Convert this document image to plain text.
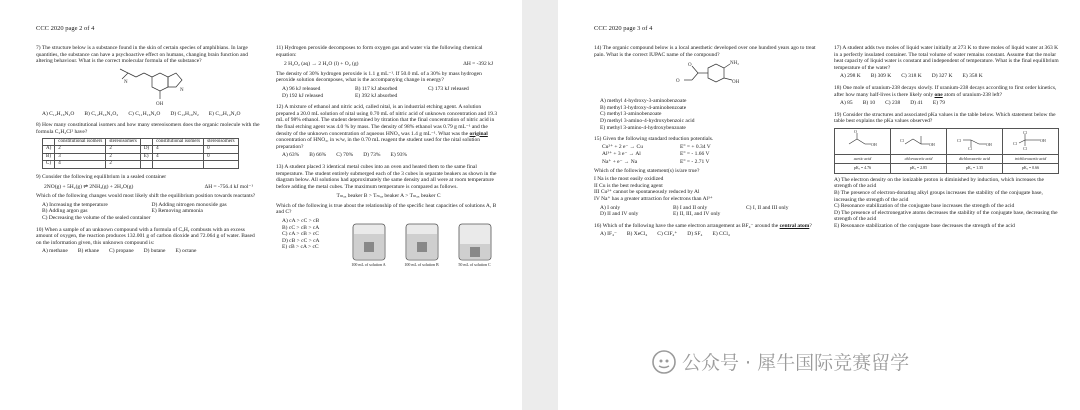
CCC 2020 page 2 of 4
7) The structure below is a substance found in the skin of certain species of amphibians. In large quantities, the substance can have a psychoactive effect on humans, changing brain function and altering behaviour. What is the correct molecular formula of the substance?
N
OH
N
A) C₁₂H₁₆N₂O B) C₁₂H₁₆N₂O₂ C) C₁₁H₁₆N₂O D) C₁₃H₁₆N₂ E) C₁₂H₁₄N₂O
8) How many constitutional isomers and how many stereoisomers does the organic molecule with the formula C₂H₂Cl² have?
	constitutional isomers	stereoisomers		constitutional isomers	stereoisomers
A)	2	2	D)	4	0
B)	3	2	E)	4	0
C)	4	2			
9) Consider the following equilibrium in a sealed container
2NO(g) + 5H₂(g) ⇌ 2NH₃(g) + 2H₂O(g)	ΔH = -756.4 kJ mol⁻¹
Which of the following changes would most likely shift the equilibrium position towards reactants?
A) Increasing the temperature	D) Adding nitrogen monoxide gas
B) Adding argon gas	E) Removing ammonia
C) Decreasing the volume of the sealed container
10) When a sample of an unknown compound with a formula of CₓHᵧ combusts with an excess amount of oxygen, the reaction produces 132.001 g of carbon dioxide and 72.064 g of water. Based on the information given, this unknown compound is:
A) methane B) ethane C) propane D) butane E) octane
11) Hydrogen peroxide decomposes to form oxygen gas and water via the following chemical equation:
2 H₂O₂ (aq) → 2 H₂O (l) + O₂ (g)	ΔH = -392 kJ
The density of 30% hydrogen peroxide is 1.1 g mL⁻¹. If 50.0 mL of a 30% by mass hydrogen peroxide solution decomposes, what is the accompanying change in energy?
A) 96 kJ released	B) 117 kJ absorbed	C) 173 kJ released
D) 192 kJ released	E) 392 kJ absorbed
12) A mixture of ethanol and nitric acid, called nital, is an industrial etching agent. A solution prepared a 20.0 mL solution of nital using 0.70 mL of nitric acid of unknown concentration and 19.3 mL of 98% ethanol. The student determined by titration that the final concentration of nitric acid in the final etching agent was 4.0 % by mass. The density of 98% ethanol was 0.79 g mL⁻¹ and the density of the unknown concentration of aqueous HNO₃ was 1.4 g mL⁻¹. What was the original concentration of HNO₃, in w/w, in the 0.70 mL reagent the student used for the nital solution preparation?
A) 63% B) 66% C) 70% D) 73% E) 93%
13) A student placed 3 identical metal cubes into an oven and heated them to the same final temperature. The student entirely submerged each of the 3 cubes in separate beakers as shown in the diagram below. All solutions had approximately the same density and all were at room temperature before adding the metal cubes. The maximum temperature is compared as follows.
Tₘₐₓ beaker B > Tₘₐₓ beaker A > Tₘₐₓ beaker C
Which of the following is true about the relationship of the specific heat capacities of solutions A, B and C?
A) cA > cC > cB
B) cC > cB > cA
C) cA > cB > cC
D) cB > cC > cA
E) cB > cA > cC
100 mL of solution A	100 mL of solution B	50 mL of solution C
CCC 2020 page 3 of 4
14) The organic compound below is a local anesthetic developed over one hundred years ago to treat pain. What is the correct IUPAC name of the compound?
O
O
NH₂
OH
A) methyl 4-hydroxy-3-aminobenzoate
B) methyl 3-hydroxy-4-aminobenzoate
C) methyl 3-aminobenzoate
D) methyl 3-amino-4-hydroxybenzoic acid
E) methyl 3-amino-4-hydroxybenzoate
15) Given the following standard reduction potentials.
Cu²⁺ + 2 e⁻ → Cu	E° = + 0.34 V
Al³⁺ + 3 e⁻ → Al	E° = - 1.66 V
Na⁺ + e⁻ → Na	E° = - 2.71 V
Which of the following statement(s) is/are true?
I Na is the most easily oxidized
II Cu is the best reducing agent
III Cu²⁺ cannot be spontaneously reduced by Al
IV Na⁺ has a greater attraction for electrons than Al³⁺
A) I only	B) I and II only	C) I, II and III only
D) II and IV only	E) II, III, and IV only
16) Which of the following have the same electron arrangement as BF₄⁻ around the central atom?
A) IF₄⁻ B) XeCl₄ C) ClF₄⁺ D) SF₄ E) CCl₄
17) A student adds two moles of liquid water initially at 273 K to three moles of liquid water at 363 K in a perfectly insulated container. The total volume of water remains constant. Assume that the molar heat capacity of liquid water is constant and independent of temperature. What is the final equilibrium temperature of the water?
A) 298 K B) 309 K C) 318 K D) 327 K E) 358 K
18) One mole of uranium-238 decays slowly. If uranium-238 decays according to first order kinetics, after how many half-lives is there likely only one atom of uranium-238 left?
A) 85 B) 10 C) 238 D) 41 E) 79
19) Consider the structures and associated pKa values in the table below. Which statement below the table best explains the pKa values observed?
OH
O	Cl
OH	Cl
Cl
OH	Cl
Cl
Cl
OH

acetic acid	chloroacetic acid	dichloroacetic acid	trichloroacetic acid
pKₐ = 4.76	pKₐ = 2.85	pKₐ = 1.35	pKₐ = 0.66
A) The electron density on the ionizable proton is diminished by induction, which increases the strength of the acid
B) The presence of electron-donating alkyl groups increases the stability of the conjugate base, increasing the strength of the acid
C) Resonance stabilization of the conjugate base increases the strength of the acid
D) The presence of electronegative atoms decreases the stability of the conjugate base, decreasing the strength of the acid
E) Resonance stabilization of the conjugate base decreases the strength of the acid
公众号 · 犀牛国际竞赛留学
